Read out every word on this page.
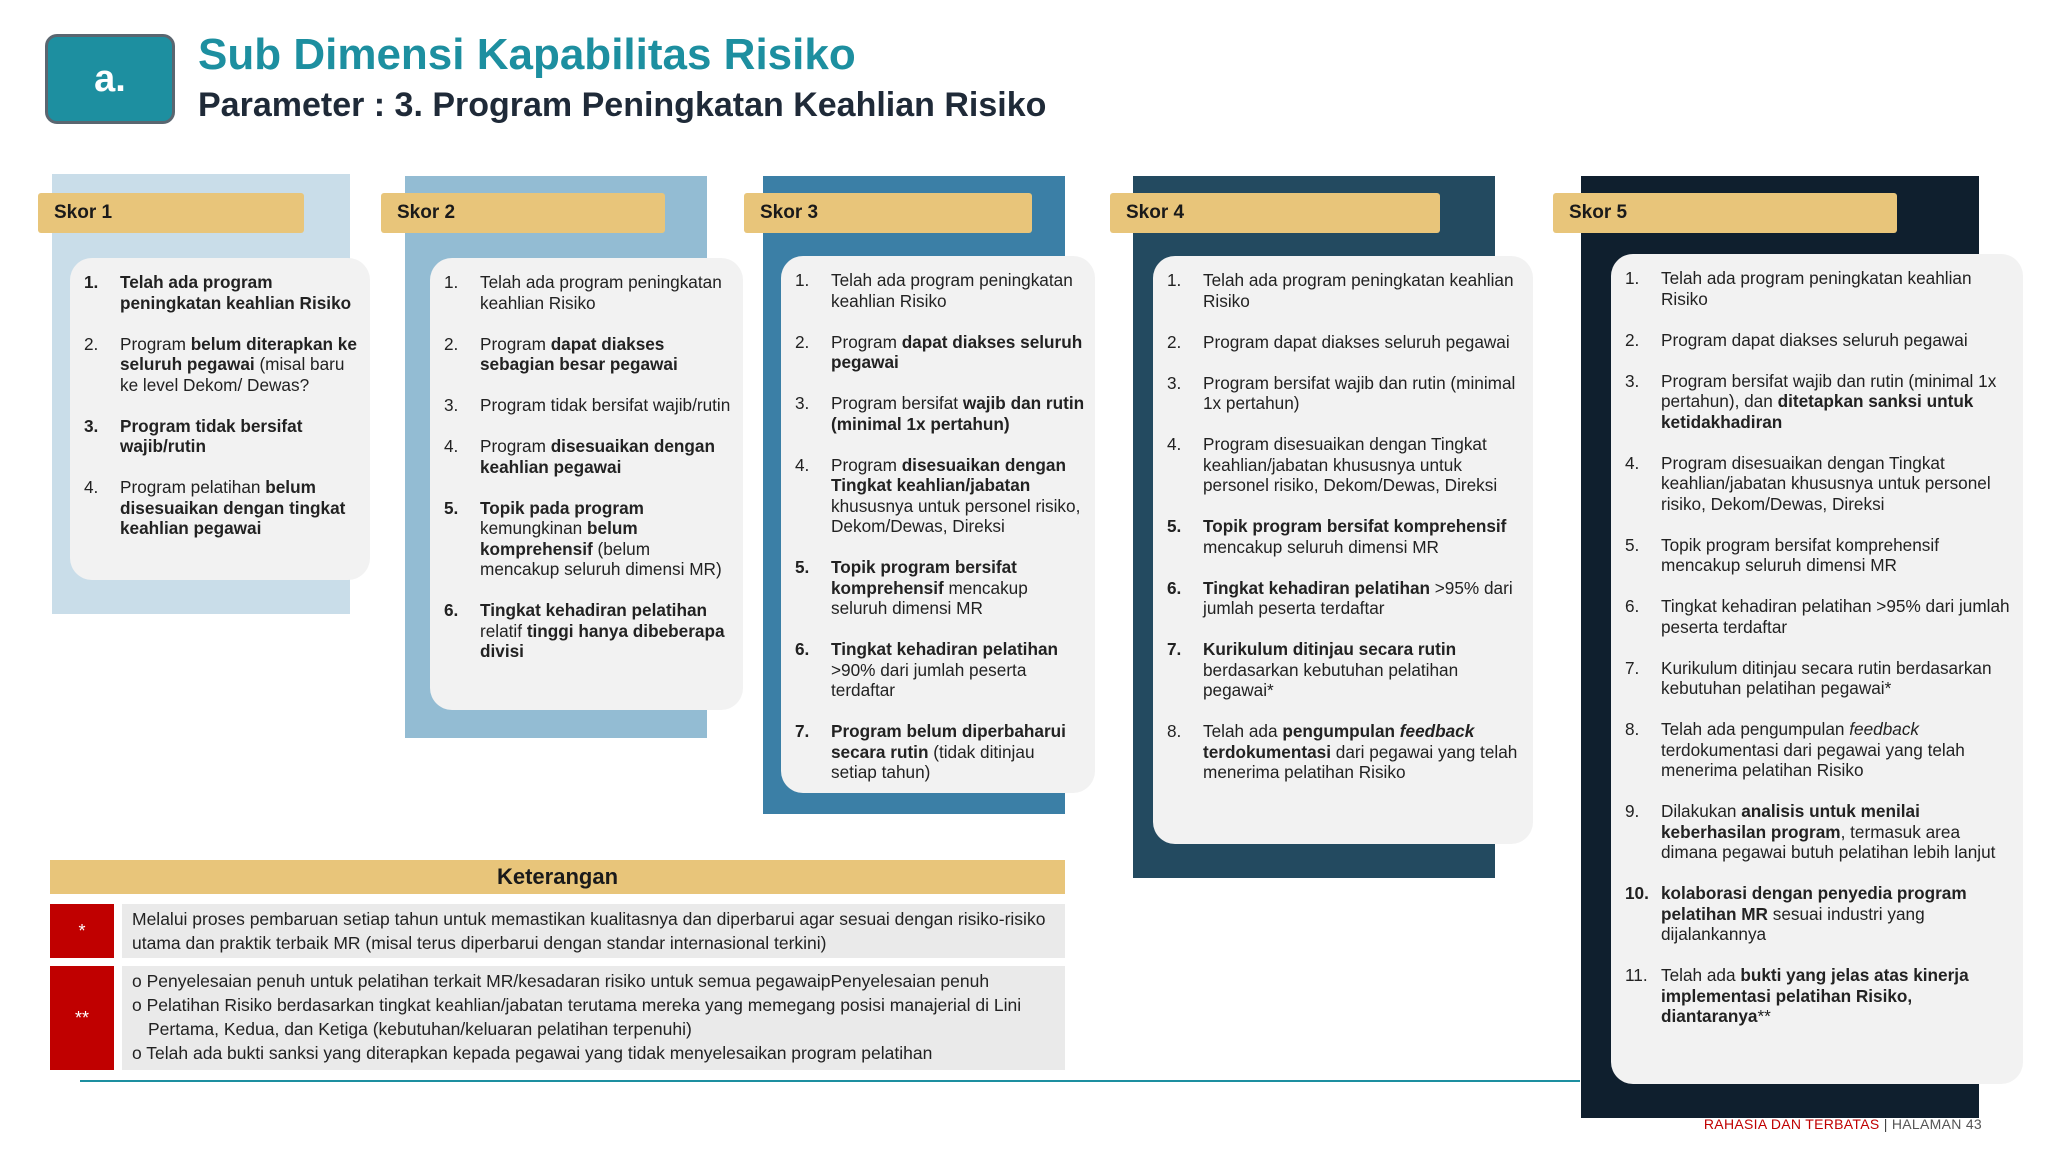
a. Sub Dimensi Kapabilitas Risiko
Parameter : 3. Program Peningkatan Keahlian Risiko
Skor 1	Skor 2	Skor 3	Skor 4	Skor 5
1. Telah ada program peningkatan keahlian Risiko
2. Program belum diterapkan ke seluruh pegawai (misal baru ke level Dekom/ Dewas?
3. Program tidak bersifat wajib/rutin
4. Program pelatihan belum disesuaikan dengan tingkat keahlian pegawai
1. Telah ada program peningkatan keahlian Risiko
2. Program dapat diakses sebagian besar pegawai
3. Program tidak bersifat wajib/rutin
4. Program disesuaikan dengan keahlian pegawai
5. Topik pada program kemungkinan belum komprehensif (belum mencakup seluruh dimensi MR)
6. Tingkat kehadiran pelatihan relatif tinggi hanya dibeberapa divisi
1. Telah ada program peningkatan keahlian Risiko
2. Program dapat diakses seluruh pegawai
3. Program bersifat wajib dan rutin (minimal 1x pertahun)
4. Program disesuaikan dengan Tingkat keahlian/jabatan khususnya untuk personel risiko, Dekom/Dewas, Direksi
5. Topik program bersifat komprehensif mencakup seluruh dimensi MR
6. Tingkat kehadiran pelatihan >90% dari jumlah peserta terdaftar
7. Program belum diperbaharui secara rutin (tidak ditinjau setiap tahun)
1. Telah ada program peningkatan keahlian Risiko
2. Program dapat diakses seluruh pegawai
3. Program bersifat wajib dan rutin (minimal 1x pertahun)
4. Program disesuaikan dengan Tingkat keahlian/jabatan khususnya untuk personel risiko, Dekom/Dewas, Direksi
5. Topik program bersifat komprehensif mencakup seluruh dimensi MR
6. Tingkat kehadiran pelatihan >95% dari jumlah peserta terdaftar
7. Kurikulum ditinjau secara rutin berdasarkan kebutuhan pelatihan pegawai*
8. Telah ada pengumpulan feedback terdokumentasi dari pegawai yang telah menerima pelatihan Risiko
1. Telah ada program peningkatan keahlian Risiko
2. Program dapat diakses seluruh pegawai
3. Program bersifat wajib dan rutin (minimal 1x pertahun), dan ditetapkan sanksi untuk ketidakhadiran
4. Program disesuaikan dengan Tingkat keahlian/jabatan khususnya untuk personel risiko, Dekom/Dewas, Direksi
5. Topik program bersifat komprehensif mencakup seluruh dimensi MR
6. Tingkat kehadiran pelatihan >95% dari jumlah peserta terdaftar
7. Kurikulum ditinjau secara rutin berdasarkan kebutuhan pelatihan pegawai*
8. Telah ada pengumpulan feedback terdokumentasi dari pegawai yang telah menerima pelatihan Risiko
9. Dilakukan analisis untuk menilai keberhasilan program, termasuk area dimana pegawai butuh pelatihan lebih lanjut
10. kolaborasi dengan penyedia program pelatihan MR sesuai industri yang dijalankannya
11. Telah ada bukti yang jelas atas kinerja implementasi pelatihan Risiko, diantaranya**
Keterangan
*

Melalui proses pembaruan setiap tahun untuk memastikan kualitasnya dan diperbarui agar sesuai dengan risiko-risiko utama dan praktik terbaik MR (misal terus diperbarui dengan standar internasional terkini)

**

o Penyelesaian penuh untuk pelatihan terkait MR/kesadaran risiko untuk semua pegawaipPenyelesaian penuh

o Pelatihan Risiko berdasarkan tingkat keahlian/jabatan terutama mereka yang memegang posisi manajerial di Lini Pertama, Kedua, dan Ketiga (kebutuhan/keluaran pelatihan terpenuhi)

o Telah ada bukti sanksi yang diterapkan kepada pegawai yang tidak menyelesaikan program pelatihan

RAHASIA DAN TERBATAS | HALAMAN 43
